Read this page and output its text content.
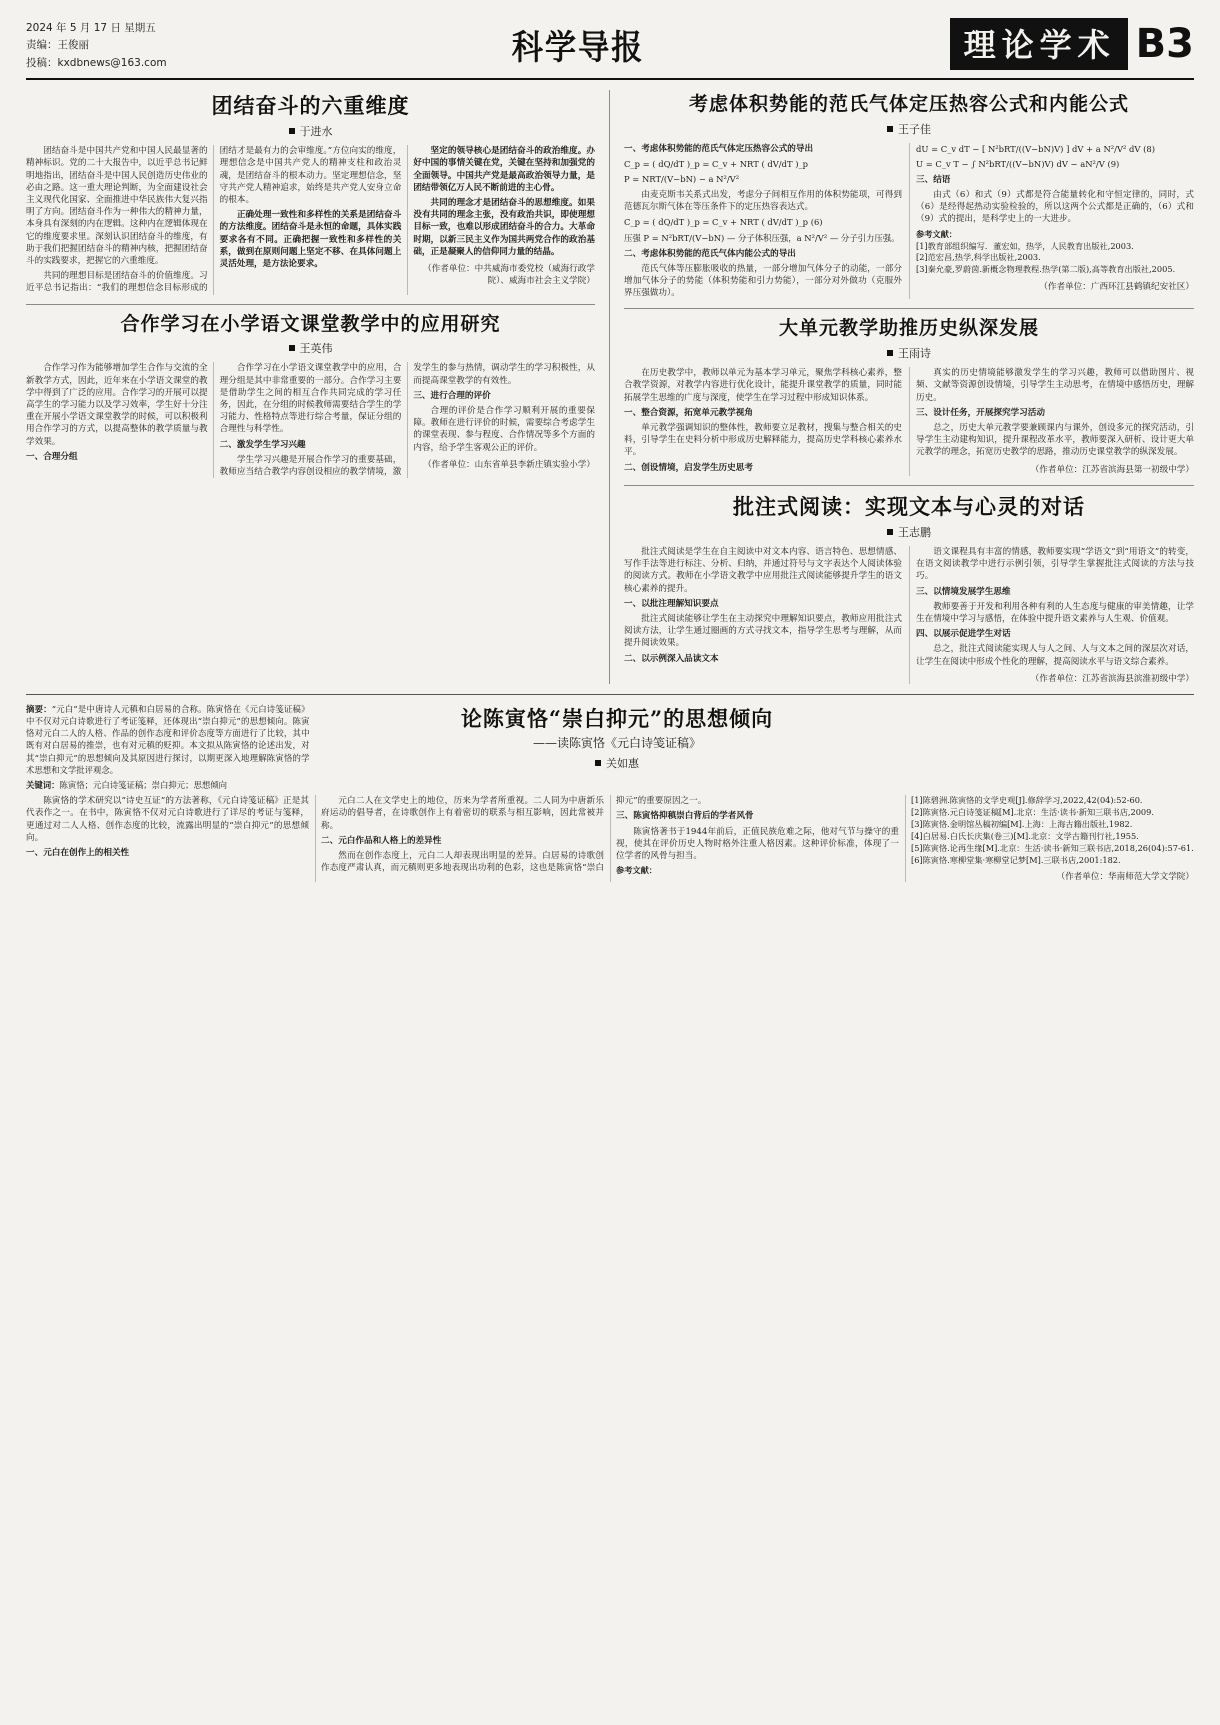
2024 年 5 月 17 日 星期五
责编：王俊丽
投稿：kxdbnews@163.com	科学导报	理论学术 B3
团结奋斗的六重维度
于进水

团结奋斗是中国共产党和中国人民最显著的精神标识。党的二十大报告中，以近乎总书记鲜明地指出，团结奋斗是中国人民创造历史伟业的必由之路。这一重大理论判断，为全面建设社会主义现代化国家、全面推进中华民族伟大复兴指明了方向。团结奋斗作为一种伟大的精神力量，本身具有深刻的内在逻辑。这种内在逻辑体现在它的维度要求里。深刻认识团结奋斗的维度，有助于我们把握团结奋斗的精神内核，把握团结奋斗的实践要求，把握它的六重维度。

共同的理想目标是团结奋斗的价值维度。习近平总书记指出：“我们的理想信念目标形成的团结才是最有力的会审维度。”方位向实的维度，理想信念是中国共产党人的精神支柱和政治灵魂，是团结奋斗的根本动力。坚定理想信念，坚守共产党人精神追求，始终是共产党人安身立命的根本。

正确处理一致性和多样性的关系是团结奋斗的方法维度。团结奋斗是永恒的命题，具体实践要求各有不同。正确把握一致性和多样性的关系，做到在原则问题上坚定不移、在具体问题上灵活处理，是方法论要求。

坚定的领导核心是团结奋斗的政治维度。办好中国的事情关键在党，关键在坚持和加强党的全面领导。中国共产党是最高政治领导力量，是团结带领亿万人民不断前进的主心骨。

共同的理念才是团结奋斗的思想维度。如果没有共同的理念主张，没有政治共识，即使理想目标一致，也难以形成团结奋斗的合力。大革命时期，以新三民主义作为国共两党合作的政治基础，正是凝聚人的信仰同力量的结晶。

（作者单位：中共威海市委党校（威海行政学院）、威海市社会主义学院）
合作学习在小学语文课堂教学中的应用研究
王英伟

合作学习作为能够增加学生合作与交流的全新教学方式，因此，近年来在小学语文课堂的教学中得到了广泛的应用。合作学习的开展可以提高学生的学习能力以及学习效率，学生好十分注重在开展小学语文课堂教学的时候，可以积极利用合作学习的方式，以提高整体的教学质量与教学效果。

一、合理分组

合作学习在小学语文课堂教学中的应用，合理分组是其中非常重要的一部分。合作学习主要是借助学生之间的相互合作共同完成的学习任务，因此，在分组的时候教师需要结合学生的学习能力、性格特点等进行综合考量，保证分组的合理性与科学性。

二、激发学生学习兴趣

学生学习兴趣是开展合作学习的重要基础，教师应当结合教学内容创设相应的教学情境，激发学生的参与热情，调动学生的学习积极性，从而提高课堂教学的有效性。

三、进行合理的评价

合理的评价是合作学习顺利开展的重要保障。教师在进行评价的时候，需要综合考虑学生的课堂表现、参与程度、合作情况等多个方面的内容，给予学生客观公正的评价。

（作者单位：山东省单县李新庄镇实验小学）
考虑体积势能的范氏气体定压热容公式和内能公式
王子佳

一、考虑体积势能的范氏气体定压热容公式的导出

C_p = ( dQ/dT )_p = C_v + NRT ( dV/dT )_p

P = NRT/(V−bN) − a N²/V²

由麦克斯韦关系式出发，考虑分子间相互作用的体积势能项，可得到范德瓦尔斯气体在等压条件下的定压热容表达式。

C_p = ( dQ/dT )_p = C_v + NRT ( dV/dT )_p (6)

压强 P = N²bRT/(V−bN) — 分子体积压强，a N²/V² — 分子引力压强。

二、考虑体积势能的范氏气体内能公式的导出

范氏气体等压膨胀吸收的热量，一部分增加气体分子的动能，一部分增加气体分子的势能（体积势能和引力势能），一部分对外做功（克服外界压强做功）。

dU = C_v dT − [ N²bRT/((V−bN)V) ] dV + a N²/V² dV (8)

U = C_v T − ∫ N²bRT/((V−bN)V) dV − aN²/V (9)

三、结语

由式（6）和式（9）式都是符合能量转化和守恒定律的，同时，式（6）是经得起热动实验检验的，所以这两个公式都是正确的，（6）式和（9）式的提出，是科学史上的一大进步。

参考文献：
[1]教育部组织编写．董宏如，热学，人民教育出版社,2003.
[2]范宏昌,热学,科学出版社,2003.
[3]秦允豪,罗蔚茵.新概念物理教程.热学(第二版),高等教育出版社,2005.
（作者单位：广西环江县鹤镇纪安社区）
大单元教学助推历史纵深发展
王雨诗

在历史教学中，教师以单元为基本学习单元，聚焦学科核心素养，整合教学资源，对教学内容进行优化设计，能提升课堂教学的质量，同时能拓展学生思维的广度与深度，使学生在学习过程中形成知识体系。

一、整合资源，拓宽单元教学视角

单元教学强调知识的整体性，教师要立足教材，搜集与整合相关的史料，引导学生在史料分析中形成历史解释能力，提高历史学科核心素养水平。

二、创设情境，启发学生历史思考

真实的历史情境能够激发学生的学习兴趣，教师可以借助图片、视频、文献等资源创设情境，引导学生主动思考，在情境中感悟历史，理解历史。

三、设计任务，开展探究学习活动

总之，历史大单元教学要兼顾课内与课外，创设多元的探究活动，引导学生主动建构知识，提升课程改革水平，教师要深入研析、设计更大单元教学的理念，拓宽历史教学的思路，推动历史课堂教学的纵深发展。

（作者单位：江苏省滨海县第一初级中学）
批注式阅读：实现文本与心灵的对话
王志鹏

批注式阅读是学生在自主阅读中对文本内容、语言特色、思想情感、写作手法等进行标注、分析、归纳，并通过符号与文字表达个人阅读体验的阅读方式。教师在小学语文教学中应用批注式阅读能够提升学生的语文核心素养的提升。

一、以批注理解知识要点

批注式阅读能够让学生在主动探究中理解知识要点，教师应用批注式阅读方法，让学生通过圈画的方式寻找文本，指导学生思考与理解，从而提升阅读效果。

二、以示例深入品读文本

语文课程具有丰富的情感，教师要实现“学语文”到“用语文”的转变，在语文阅读教学中进行示例引领，引导学生掌握批注式阅读的方法与技巧。

三、以情境发展学生思维

教师要善于开发和利用各种有利的人生态度与健康的审美情趣，让学生在情境中学习与感悟，在体验中提升语文素养与人生观、价值观。

四、以展示促进学生对话

总之，批注式阅读能实现人与人之间、人与文本之间的深层次对话，让学生在阅读中形成个性化的理解，提高阅读水平与语文综合素养。

（作者单位：江苏省滨海县滨淮初级中学）
摘要：“元白”是中唐诗人元稹和白居易的合称。陈寅恪在《元白诗笺证稿》中不仅对元白诗歌进行了考证笺释，还体现出“崇白抑元”的思想倾向。陈寅恪对元白二人的人格、作品的创作态度和评价态度等方面进行了比较，其中既有对白居易的推崇，也有对元稹的贬抑。本文拟从陈寅恪的论述出发，对其“崇白抑元”的思想倾向及其原因进行探讨，以期更深入地理解陈寅恪的学术思想和文学批评观念。
关键词：陈寅恪；元白诗笺证稿；崇白抑元；思想倾向
论陈寅恪“崇白抑元”的思想倾向
——读陈寅恪《元白诗笺证稿》
关如惠

陈寅恪的学术研究以“诗史互证”的方法著称，《元白诗笺证稿》正是其代表作之一。在书中，陈寅恪不仅对元白诗歌进行了详尽的考证与笺释，更通过对二人人格、创作态度的比较，流露出明显的“崇白抑元”的思想倾向。

一、元白在创作上的相关性

元白二人在文学史上的地位，历来为学者所重视。二人同为中唐新乐府运动的倡导者，在诗歌创作上有着密切的联系与相互影响，因此常被并称。

二、元白作品和人格上的差异性

然而在创作态度上，元白二人却表现出明显的差异。白居易的诗歌创作态度严肃认真，而元稹则更多地表现出功利的色彩，这也是陈寅恪“崇白抑元”的重要原因之一。

三、陈寅恪抑稹崇白背后的学者风骨

陈寅恪著书于1944年前后，正值民族危难之际，他对气节与操守的重视，使其在评价历史人物时格外注重人格因素。这种评价标准，体现了一位学者的风骨与担当。

参考文献：
[1]陈碧洲.陈寅恪的文学史观[J].修辞学习,2022,42(04):52-60.
[2]陈寅恪.元白诗笺证稿[M].北京：生活·读书·新知三联书店,2009.
[3]陈寅恪.金明馆丛稿初编[M].上海：上海古籍出版社,1982.
[4]白居易.白氏长庆集(卷三)[M].北京：文学古籍刊行社,1955.
[5]陈寅恪.论再生缘[M].北京：生活·读书·新知三联书店,2018,26(04):57-61.
[6]陈寅恪.寒柳堂集·寒柳堂记梦[M].三联书店,2001:182.
（作者单位：华南师范大学文学院）
